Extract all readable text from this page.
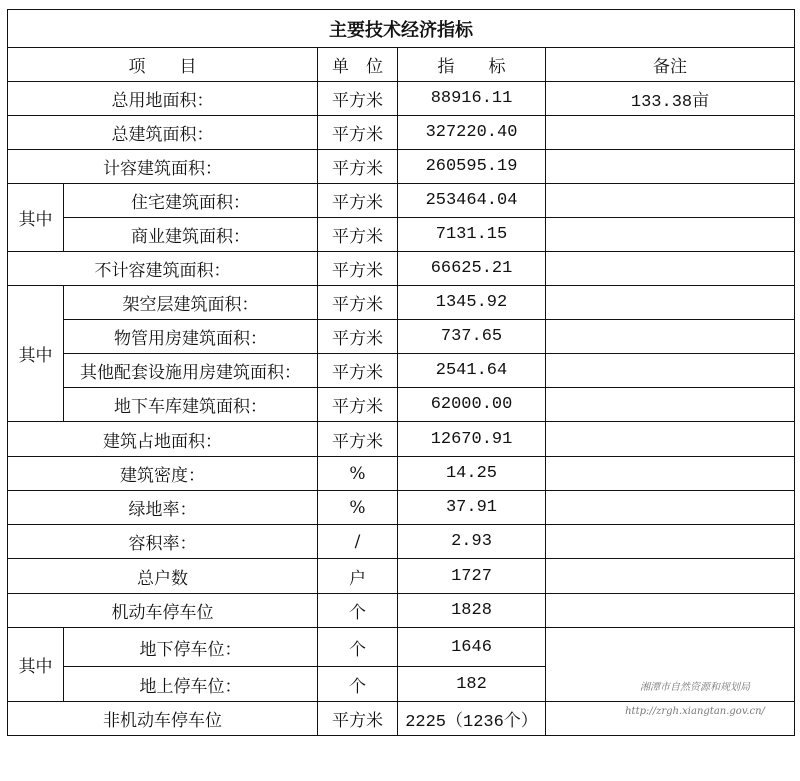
主要技术经济指标				
项　　目		单　位	指　　标	备注
总用地面积：		平方米	88916.11	133.38亩
总建筑面积：		平方米	327220.40	
计容建筑面积：		平方米	260595.19	
其中	住宅建筑面积：	平方米	253464.04	
	商业建筑面积：	平方米	7131.15	
不计容建筑面积：		平方米	66625.21	
其中	架空层建筑面积：	平方米	1345.92	
	物管用房建筑面积：	平方米	737.65	
	其他配套设施用房建筑面积：	平方米	2541.64	
	地下车库建筑面积：	平方米	62000.00	
建筑占地面积：		平方米	12670.91	
建筑密度：		%	14.25	
绿地率：		%	37.91	
容积率：		/	2.93	
总户数		户	1727	
机动车停车位		个	1828	
其中	地下停车位：	个	1646	
	地上停车位：	个	182	
非机动车停车位		平方米	2225（1236个）	
湘潭市自然资源和规划局
http://zrgh.xiangtan.gov.cn/
